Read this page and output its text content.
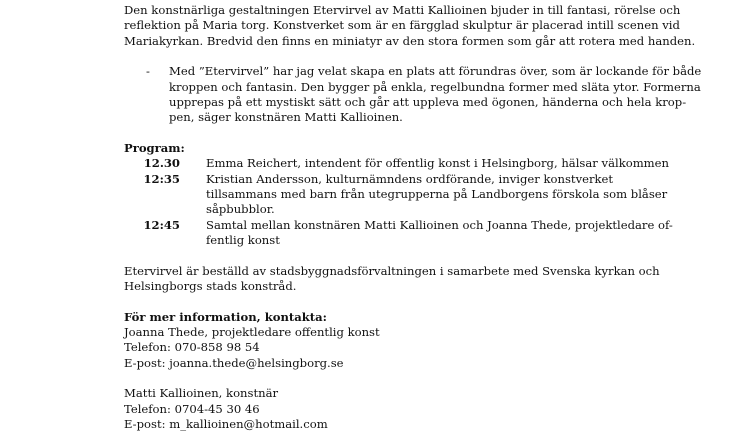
Den konstnärliga gestaltningen Etervirvel av Matti Kallioinen bjuder in till fantasi, rörelse och

reflektion på Maria torg. Konstverket som är en färgglad skulptur är placerad intill scenen vid

Mariakyrkan. Bredvid den finns en miniatyr av den stora formen som går att rotera med handen.

- Med ”Etervirvel” har jag velat skapa en plats att förundras över, som är lockande för både

kroppen och fantasin. Den bygger på enkla, regelbundna former med släta ytor. Formerna

upprepas på ett mystiskt sätt och går att uppleva med ögonen, händerna och hela krop-

pen, säger konstnären Matti Kallioinen.

Program:

12.30 Emma Reichert, intendent för offentlig konst i Helsingborg, hälsar välkommen

12:35 Kristian Andersson, kulturnämndens ordförande, inviger konstverket

tillsammans med barn från utegrupperna på Landborgens förskola som blåser

såpbubblor.

12:45 Samtal mellan konstnären Matti Kallioinen och Joanna Thede, projektledare of-

fentlig konst

Etervirvel är beställd av stadsbyggnadsförvaltningen i samarbete med Svenska kyrkan och

Helsingborgs stads konstråd.

För mer information, kontakta:

Joanna Thede, projektledare offentlig konst

Telefon: 070-858 98 54

E-post: joanna.thede@helsingborg.se

Matti Kallioinen, konstnär

Telefon: 0704-45 30 46

E-post: m_kallioinen@hotmail.com
